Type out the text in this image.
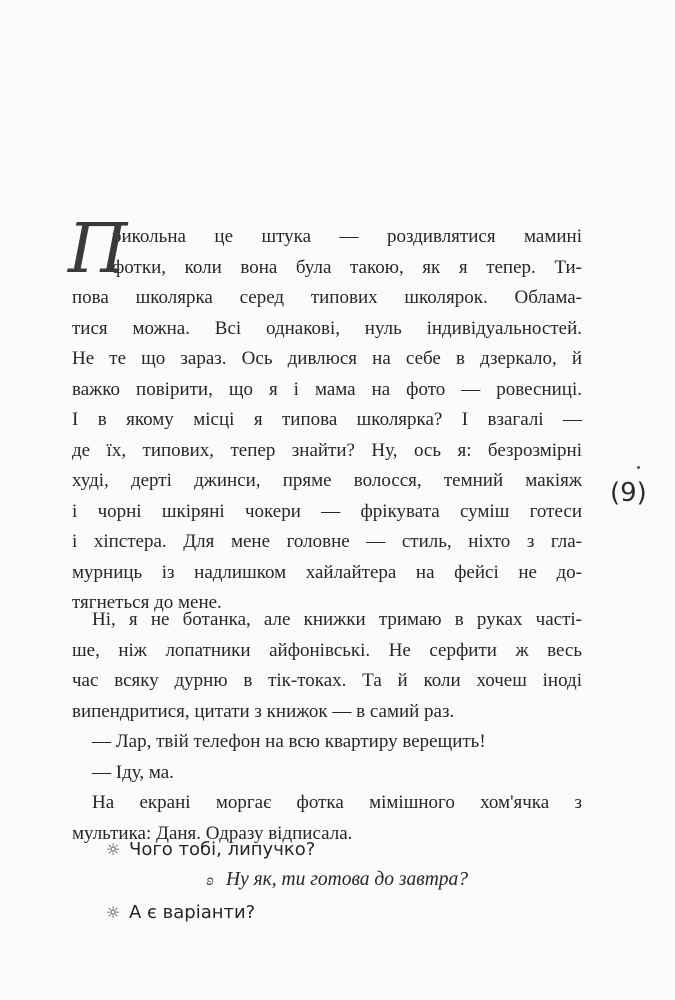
П
рикольна це штука — роздивлятися мамині
фотки, коли вона була такою, як я тепер. Ти-
пова школярка серед типових школярок. Облама-
тися можна. Всі однакові, нуль індивідуальностей.
Не те що зараз. Ось дивлюся на себе в дзеркало, й
важко повірити, що я і мама на фото — ровесниці.
І в якому місці я типова школярка? І взагалі —
де їх, типових, тепер знайти? Ну, ось я: безрозмірні
худі, дерті джинси, пряме волосся, темний макіяж
і чорні шкіряні чокери — фрікувата суміш готеси
і хіпстера. Для мене головне — стиль, ніхто з гла-
мурниць із надлишком хайлайтера на фейсі не до-
тягнеться до мене.
Ні, я не ботанка, але книжки тримаю в руках часті-
ше, ніж лопатники айфонівські. Не серфити ж весь
час всяку дурню в тік-токах. Та й коли хочеш іноді
випендритися, цитати з книжок — в самий раз.
— Лар, твій телефон на всю квартиру верещить!
— Іду, ма.
На екрані моргає фотка мімішного хом'ячка з
мультика: Даня. Одразу відписала.
☼ Чого тобі, липучко?
ʚ Ну як, ти готова до завтра?
☼ А є варіанти?
(9)
